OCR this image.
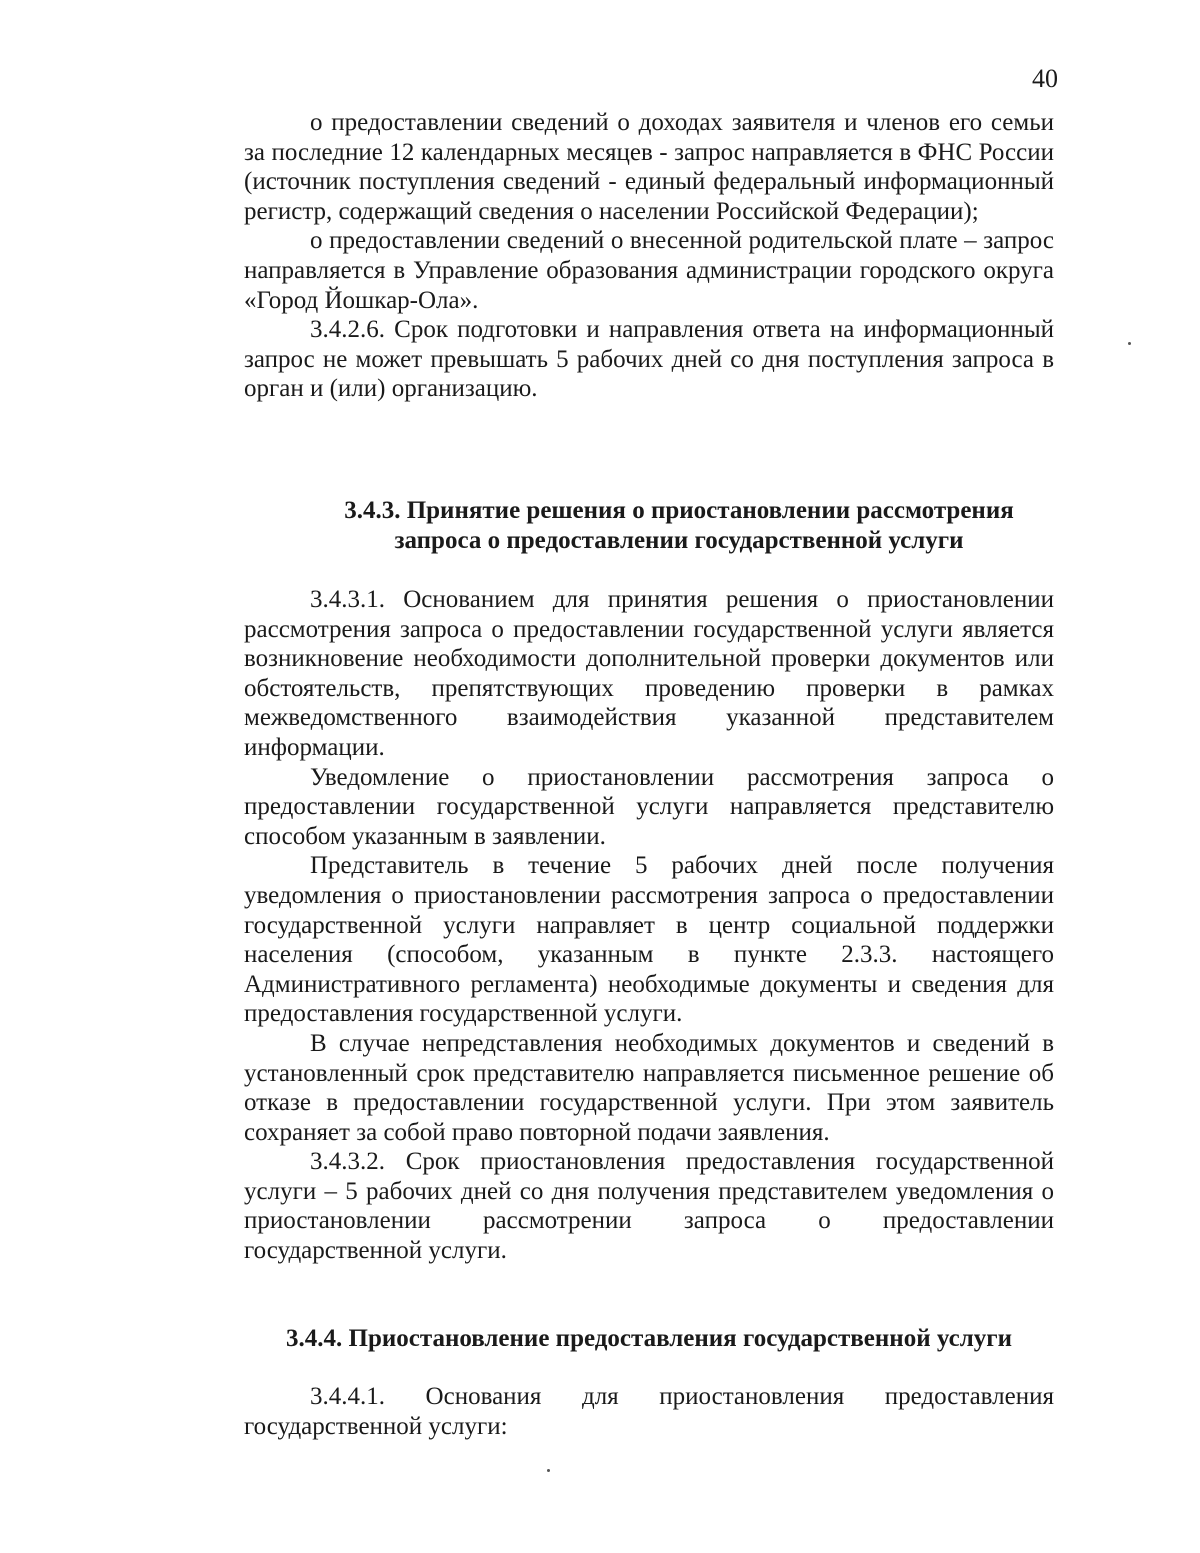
40

о предоставлении сведений о доходах заявителя и членов его семьи за последние 12 календарных месяцев - запрос направляется в ФНС России (источник поступления сведений - единый федеральный информационный регистр, содержащий сведения о населении Российской Федерации);

о предоставлении сведений о внесенной родительской плате – запрос направляется в Управление образования администрации городского округа «Город Йошкар-Ола».

3.4.2.6. Срок подготовки и направления ответа на информационный запрос не может превышать 5 рабочих дней со дня поступления запроса в орган и (или) организацию.

3.4.3. Принятие решения о приостановлении рассмотрения
запроса о предоставлении государственной услуги

3.4.3.1. Основанием для принятия решения о приостановлении рассмотрения запроса о предоставлении государственной услуги является возникновение необходимости дополнительной проверки документов или обстоятельств, препятствующих проведению проверки в рамках межведомственного взаимодействия указанной представителем информации.

Уведомление о приостановлении рассмотрения запроса о предоставлении государственной услуги направляется представителю способом указанным в заявлении.

Представитель в течение 5 рабочих дней после получения уведомления о приостановлении рассмотрения запроса о предоставлении государственной услуги направляет в центр социальной поддержки населения (способом, указанным в пункте 2.3.3. настоящего Административного регламента) необходимые документы и сведения для предоставления государственной услуги.

В случае непредставления необходимых документов и сведений в установленный срок представителю направляется письменное решение об отказе в предоставлении государственной услуги. При этом заявитель сохраняет за собой право повторной подачи заявления.

3.4.3.2. Срок приостановления предоставления государственной услуги – 5 рабочих дней со дня получения представителем уведомления о приостановлении рассмотрении запроса о предоставлении государственной услуги.

3.4.4. Приостановление предоставления государственной услуги

3.4.4.1. Основания для приостановления предоставления государственной услуги:
